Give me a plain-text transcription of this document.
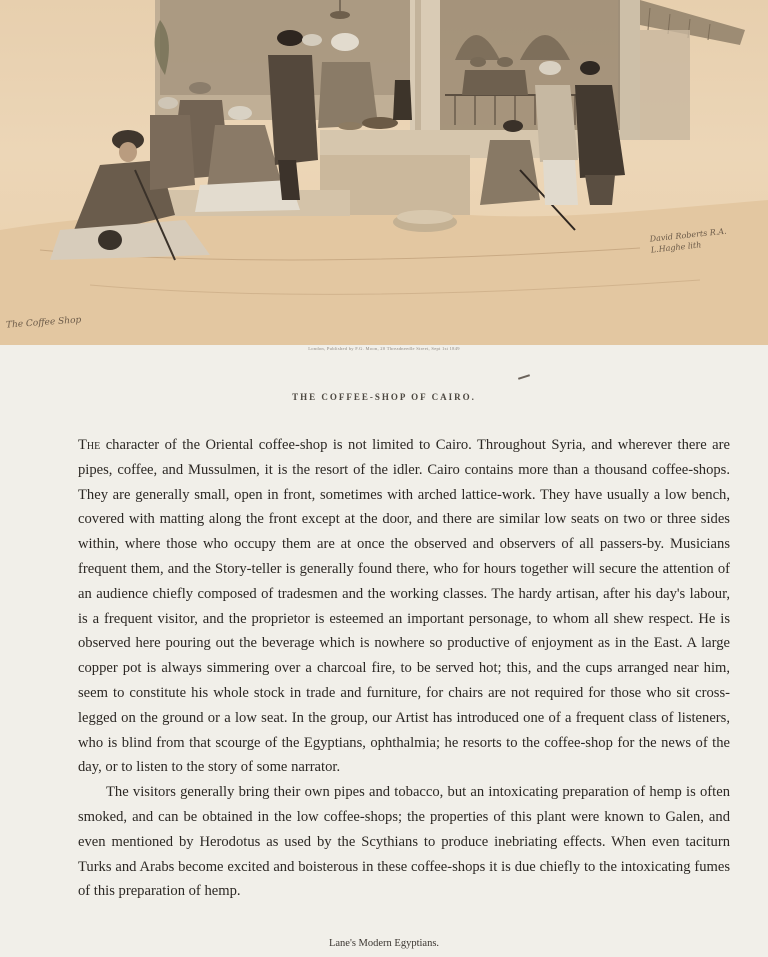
The Coffee Shop
David Roberts R.A. L.Haghe lith
London, Published by F.G. Moon, 20 Threadneedle Street, Sept 1st 1849
THE COFFEE-SHOP OF CAIRO.

The character of the Oriental coffee-shop is not limited to Cairo. Throughout Syria, and wherever there are pipes, coffee, and Mussulmen, it is the resort of the idler. Cairo contains more than a thousand coffee-shops. They are generally small, open in front, sometimes with arched lattice-work. They have usually a low bench, covered with matting along the front except at the door, and there are similar low seats on two or three sides within, where those who occupy them are at once the observed and observers of all passers-by. Musicians frequent them, and the Story-teller is generally found there, who for hours together will secure the attention of an audience chiefly composed of tradesmen and the working classes. The hardy artisan, after his day's labour, is a frequent visitor, and the proprietor is esteemed an important personage, to whom all shew respect. He is observed here pouring out the beverage which is nowhere so productive of enjoyment as in the East. A large copper pot is always simmering over a charcoal fire, to be served hot; this, and the cups arranged near him, seem to constitute his whole stock in trade and furniture, for chairs are not required for those who sit cross-legged on the ground or a low seat. In the group, our Artist has introduced one of a frequent class of listeners, who is blind from that scourge of the Egyptians, ophthalmia; he resorts to the coffee-shop for the news of the day, or to listen to the story of some narrator.

The visitors generally bring their own pipes and tobacco, but an intoxicating preparation of hemp is often smoked, and can be obtained in the low coffee-shops; the properties of this plant were known to Galen, and even mentioned by Herodotus as used by the Scythians to produce inebriating effects. When even taciturn Turks and Arabs become excited and boisterous in these coffee-shops it is due chiefly to the intoxicating fumes of this preparation of hemp.

Lane's Modern Egyptians.
